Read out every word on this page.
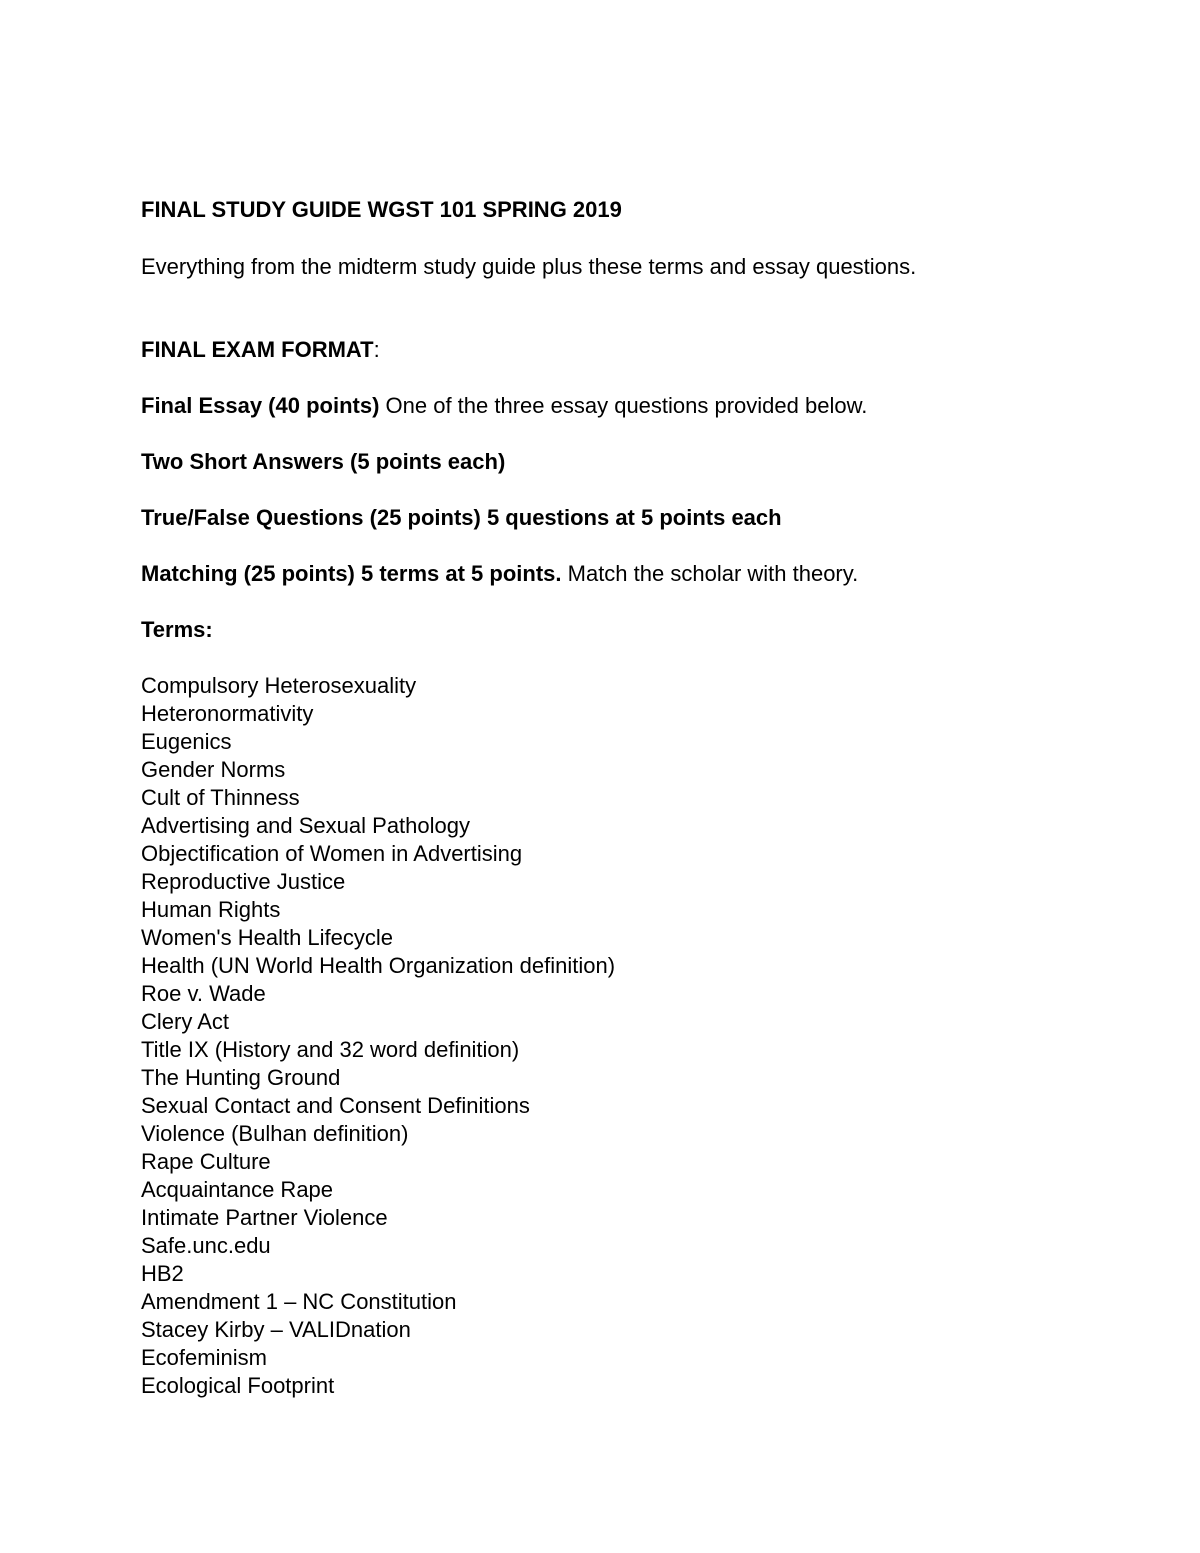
FINAL STUDY GUIDE WGST 101 SPRING 2019
Everything from the midterm study guide plus these terms and essay questions.
FINAL EXAM FORMAT:
Final Essay (40 points) One of the three essay questions provided below.
Two Short Answers (5 points each)
True/False Questions (25 points) 5 questions at 5 points each
Matching (25 points) 5 terms at 5 points. Match the scholar with theory.
Terms:
Compulsory Heterosexuality
Heteronormativity
Eugenics
Gender Norms
Cult of Thinness
Advertising and Sexual Pathology
Objectification of Women in Advertising
Reproductive Justice
Human Rights
Women's Health Lifecycle
Health (UN World Health Organization definition)
Roe v. Wade
Clery Act
Title IX (History and 32 word definition)
The Hunting Ground
Sexual Contact and Consent Definitions
Violence (Bulhan definition)
Rape Culture
Acquaintance Rape
Intimate Partner Violence
Safe.unc.edu
HB2
Amendment 1 – NC Constitution
Stacey Kirby – VALIDnation
Ecofeminism
Ecological Footprint
